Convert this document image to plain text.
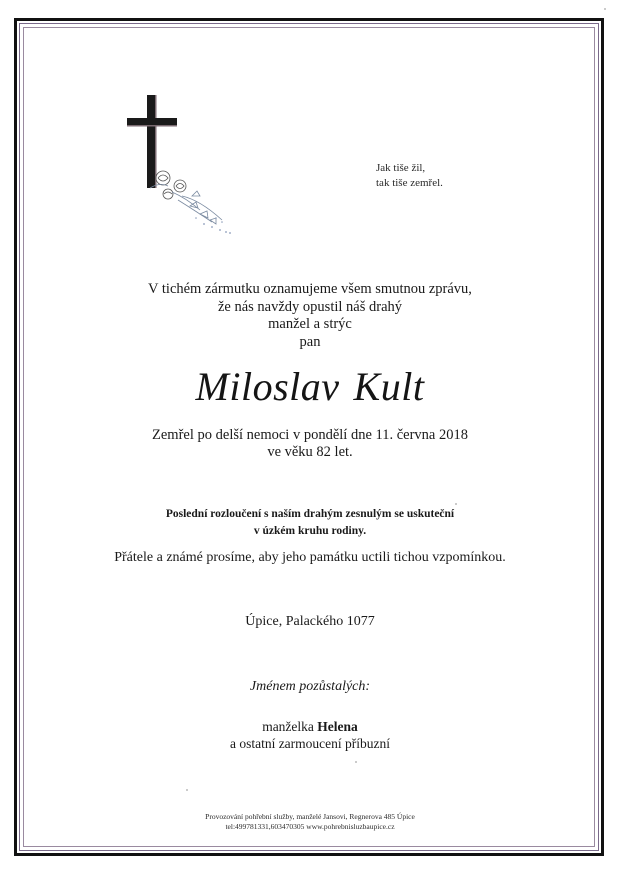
Jak tiše žil,
tak tiše zemřel.
V tichém zármutku oznamujeme všem smutnou zprávu,
že nás navždy opustil náš drahý
manžel a strýc
pan
Miloslav Kult
Zemřel po delší nemoci v pondělí dne 11. června 2018
ve věku 82 let.
Poslední rozloučení s naším drahým zesnulým se uskuteční
v úzkém kruhu rodiny.
Přátele a známé prosíme, aby jeho památku uctili tichou vzpomínkou.
Úpice, Palackého 1077
Jménem pozůstalých:
manželka Helena
a ostatní zarmoucení příbuzní
Provozování pohřební služby, manželé Jansovi, Regnerova 485 Úpice
tel:499781331,603470305 www.pohrebnisluzbaupice.cz
